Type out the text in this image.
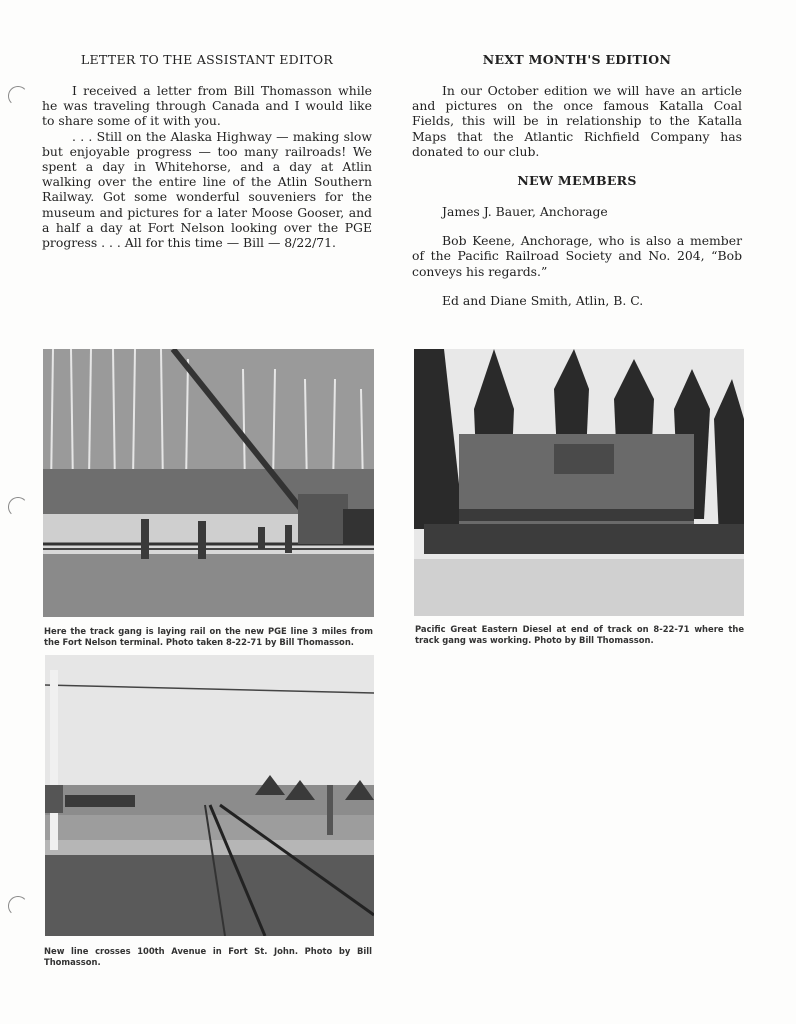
LETTER TO THE ASSISTANT EDITOR

I received a letter from Bill Thomasson while he was traveling through Canada and I would like to share some of it with you.

. . . Still on the Alaska Highway — making slow but enjoyable progress — too many railroads! We spent a day in Whitehorse, and a day at Atlin walking over the entire line of the Atlin Southern Railway. Got some wonderful souveniers for the museum and pictures for a later Moose Gooser, and a half a day at Fort Nelson looking over the PGE progress . . . All for this time — Bill — 8/22/71.

NEXT MONTH'S EDITION

In our October edition we will have an article and pictures on the once famous Katalla Coal Fields, this will be in relationship to the Katalla Maps that the Atlantic Richfield Company has donated to our club.

NEW MEMBERS

James J. Bauer, Anchorage

Bob Keene, Anchorage, who is also a member of the Pacific Railroad Society and No. 204, “Bob conveys his regards.”

Ed and Diane Smith, Atlin, B. C.

Here the track gang is laying rail on the new PGE line 3 miles from the Fort Nelson terminal. Photo taken 8-22-71 by Bill Thomasson.
Pacific Great Eastern Diesel at end of track on 8-22-71 where the track gang was working. Photo by Bill Thomasson.
New line crosses 100th Avenue in Fort St. John. Photo by Bill Thomasson.
